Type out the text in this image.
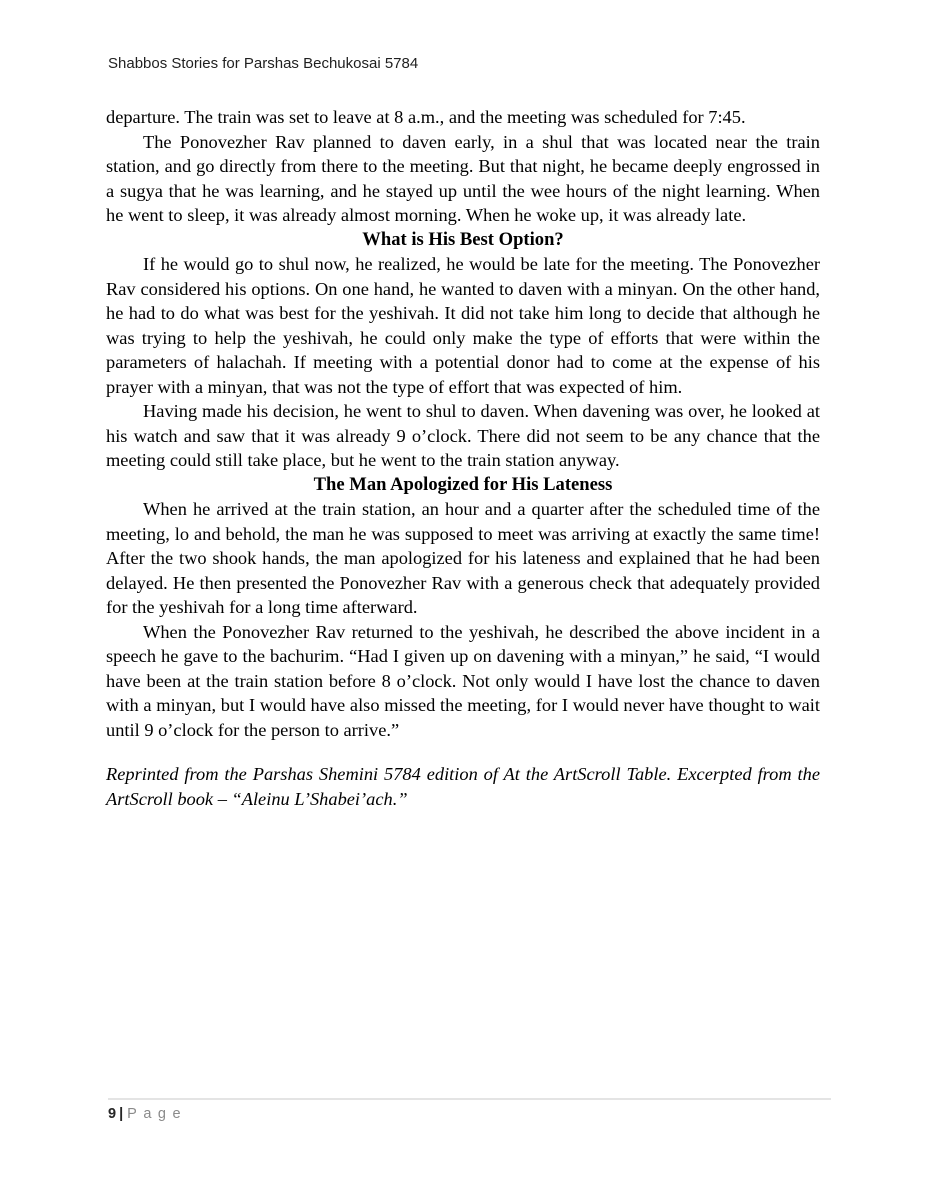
Shabbos Stories for Parshas Bechukosai 5784

departure. The train was set to leave at 8 a.m., and the meeting was scheduled for 7:45.

The Ponovezher Rav planned to daven early, in a shul that was located near the train station, and go directly from there to the meeting. But that night, he became deeply engrossed in a sugya that he was learning, and he stayed up until the wee hours of the night learning. When he went to sleep, it was already almost morning. When he woke up, it was already late.

What is His Best Option?

If he would go to shul now, he realized, he would be late for the meeting. The Ponovezher Rav considered his options. On one hand, he wanted to daven with a minyan. On the other hand, he had to do what was best for the yeshivah. It did not take him long to decide that although he was trying to help the yeshivah, he could only make the type of efforts that were within the parameters of halachah. If meeting with a potential donor had to come at the expense of his prayer with a minyan, that was not the type of effort that was expected of him.

Having made his decision, he went to shul to daven. When davening was over, he looked at his watch and saw that it was already 9 o’clock. There did not seem to be any chance that the meeting could still take place, but he went to the train station anyway.

The Man Apologized for His Lateness

When he arrived at the train station, an hour and a quarter after the scheduled time of the meeting, lo and behold, the man he was supposed to meet was arriving at exactly the same time! After the two shook hands, the man apologized for his lateness and explained that he had been delayed. He then presented the Ponovezher Rav with a generous check that adequately provided for the yeshivah for a long time afterward.

When the Ponovezher Rav returned to the yeshivah, he described the above incident in a speech he gave to the bachurim. “Had I given up on davening with a minyan,” he said, “I would have been at the train station before 8 o’clock. Not only would I have lost the chance to daven with a minyan, but I would have also missed the meeting, for I would never have thought to wait until 9 o’clock for the person to arrive.”

Reprinted from the Parshas Shemini 5784 edition of At the ArtScroll Table. Excerpted from the ArtScroll book – “Aleinu L’Shabei’ach.”

9 | Page
